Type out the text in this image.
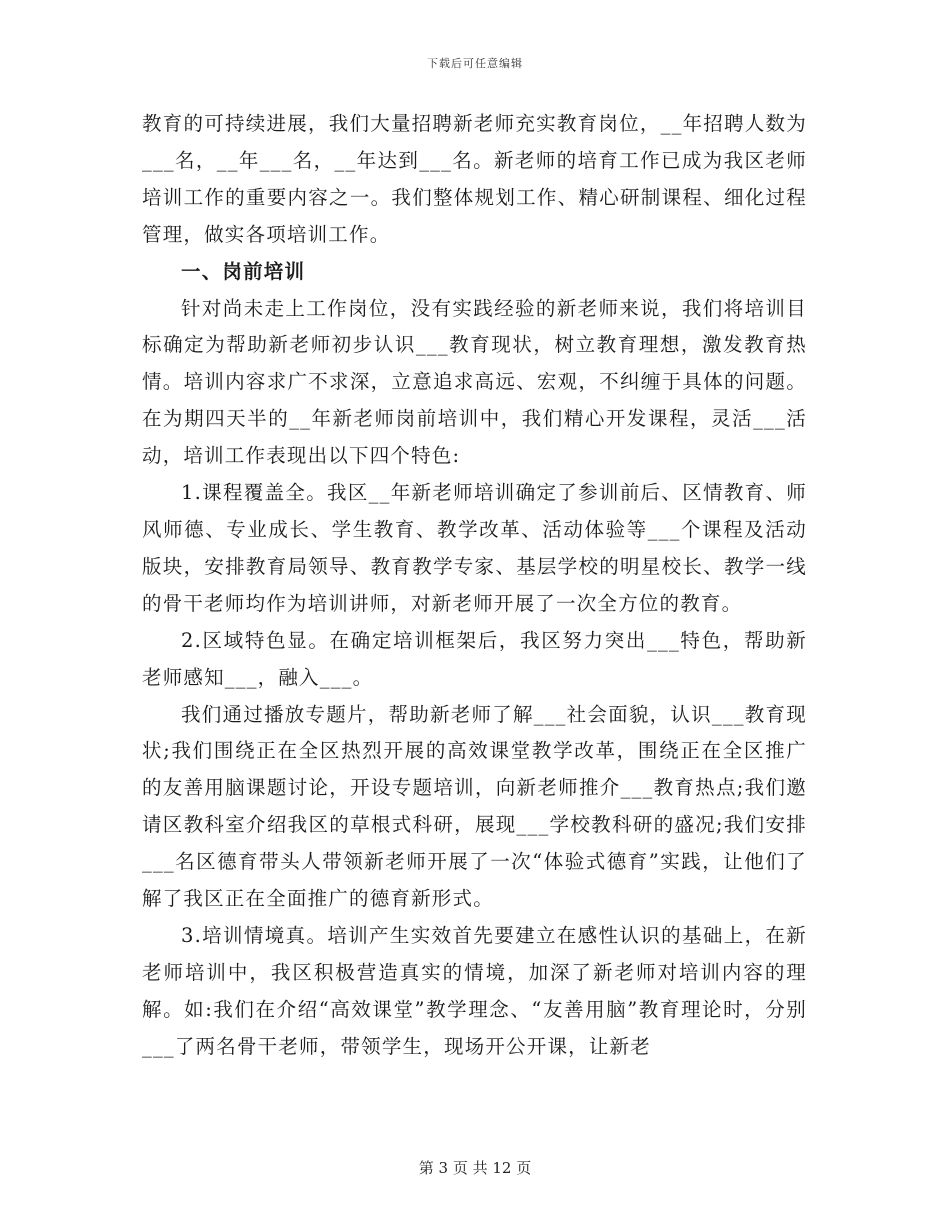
下载后可任意编辑

教育的可持续进展，我们大量招聘新老师充实教育岗位，__年招聘人数为___名，__年___名，__年达到___名。新老师的培育工作已成为我区老师培训工作的重要内容之一。我们整体规划工作、精心研制课程、细化过程管理，做实各项培训工作。

一、岗前培训

针对尚未走上工作岗位，没有实践经验的新老师来说，我们将培训目标确定为帮助新老师初步认识___教育现状，树立教育理想，激发教育热情。培训内容求广不求深，立意追求高远、宏观，不纠缠于具体的问题。在为期四天半的__年新老师岗前培训中，我们精心开发课程，灵活___活动，培训工作表现出以下四个特色:

1.课程覆盖全。我区__年新老师培训确定了参训前后、区情教育、师风师德、专业成长、学生教育、教学改革、活动体验等___个课程及活动版块，安排教育局领导、教育教学专家、基层学校的明星校长、教学一线的骨干老师均作为培训讲师，对新老师开展了一次全方位的教育。

2.区域特色显。在确定培训框架后，我区努力突出___特色，帮助新老师感知___，融入___。

我们通过播放专题片，帮助新老师了解___社会面貌，认识___教育现状;我们围绕正在全区热烈开展的高效课堂教学改革，围绕正在全区推广的友善用脑课题讨论，开设专题培训，向新老师推介___教育热点;我们邀请区教科室介绍我区的草根式科研，展现___学校教科研的盛况;我们安排___名区德育带头人带领新老师开展了一次“体验式德育”实践，让他们了解了我区正在全面推广的德育新形式。

3.培训情境真。培训产生实效首先要建立在感性认识的基础上，在新老师培训中，我区积极营造真实的情境，加深了新老师对培训内容的理解。如:我们在介绍“高效课堂”教学理念、“友善用脑”教育理论时，分别___了两名骨干老师，带领学生，现场开公开课，让新老

第 3 页 共 12 页
